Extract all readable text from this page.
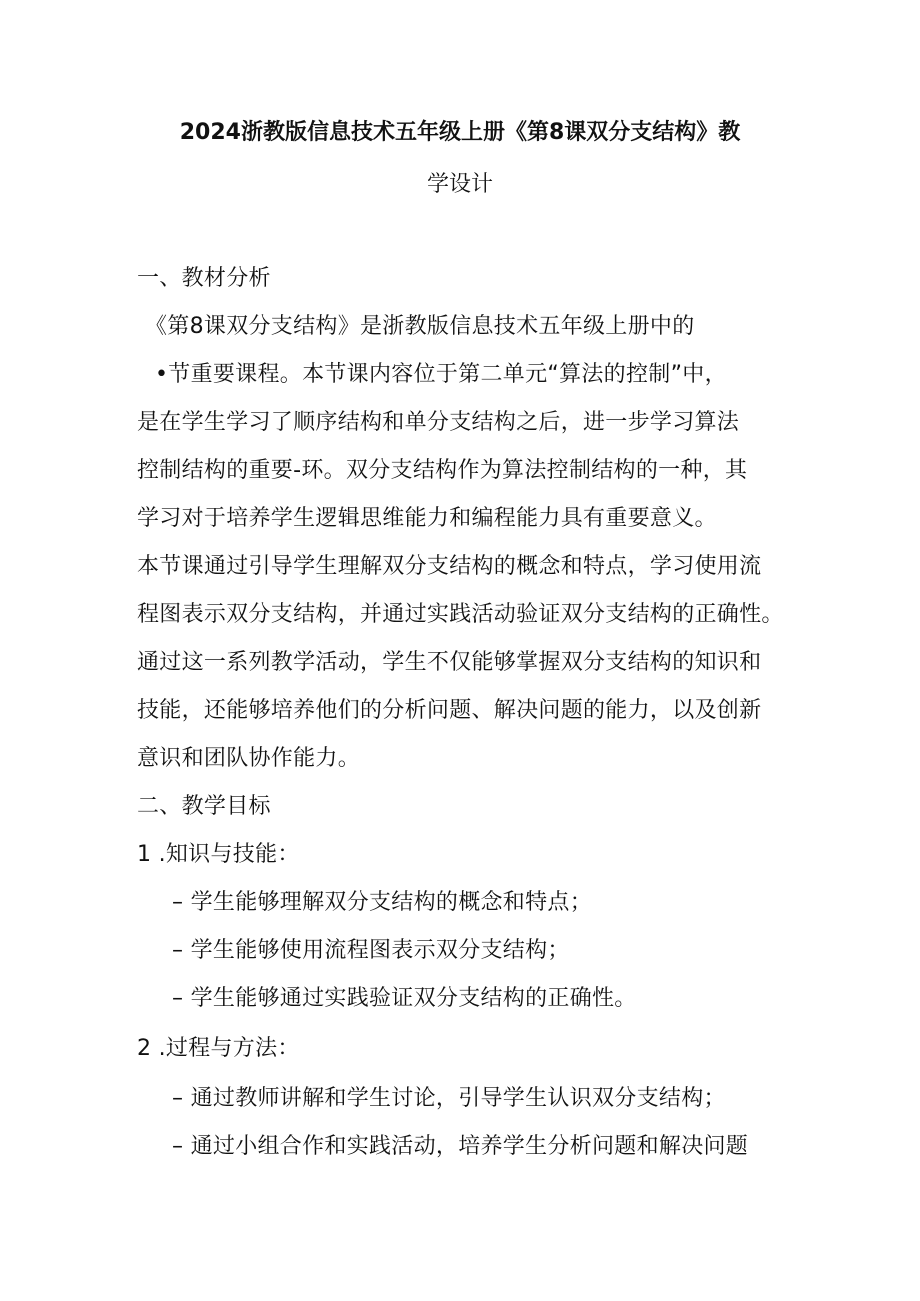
2024浙教版信息技术五年级上册《第8课双分支结构》教
学设计
一、教材分析
《第8课双分支结构》是浙教版信息技术五年级上册中的
•节重要课程。本节课内容位于第二单元“算法的控制”中，
是在学生学习了顺序结构和单分支结构之后，进一步学习算法
控制结构的重要-环。双分支结构作为算法控制结构的一种，其
学习对于培养学生逻辑思维能力和编程能力具有重要意义。
本节课通过引导学生理解双分支结构的概念和特点，学习使用流
程图表示双分支结构，并通过实践活动验证双分支结构的正确性。
通过这一系列教学活动，学生不仅能够掌握双分支结构的知识和
技能，还能够培养他们的分析问题、解决问题的能力，以及创新
意识和团队协作能力。
二、教学目标
1 .知识与技能：
– 学生能够理解双分支结构的概念和特点；
– 学生能够使用流程图表示双分支结构；
– 学生能够通过实践验证双分支结构的正确性。
2 .过程与方法：
– 通过教师讲解和学生讨论，引导学生认识双分支结构；
– 通过小组合作和实践活动，培养学生分析问题和解决问题
